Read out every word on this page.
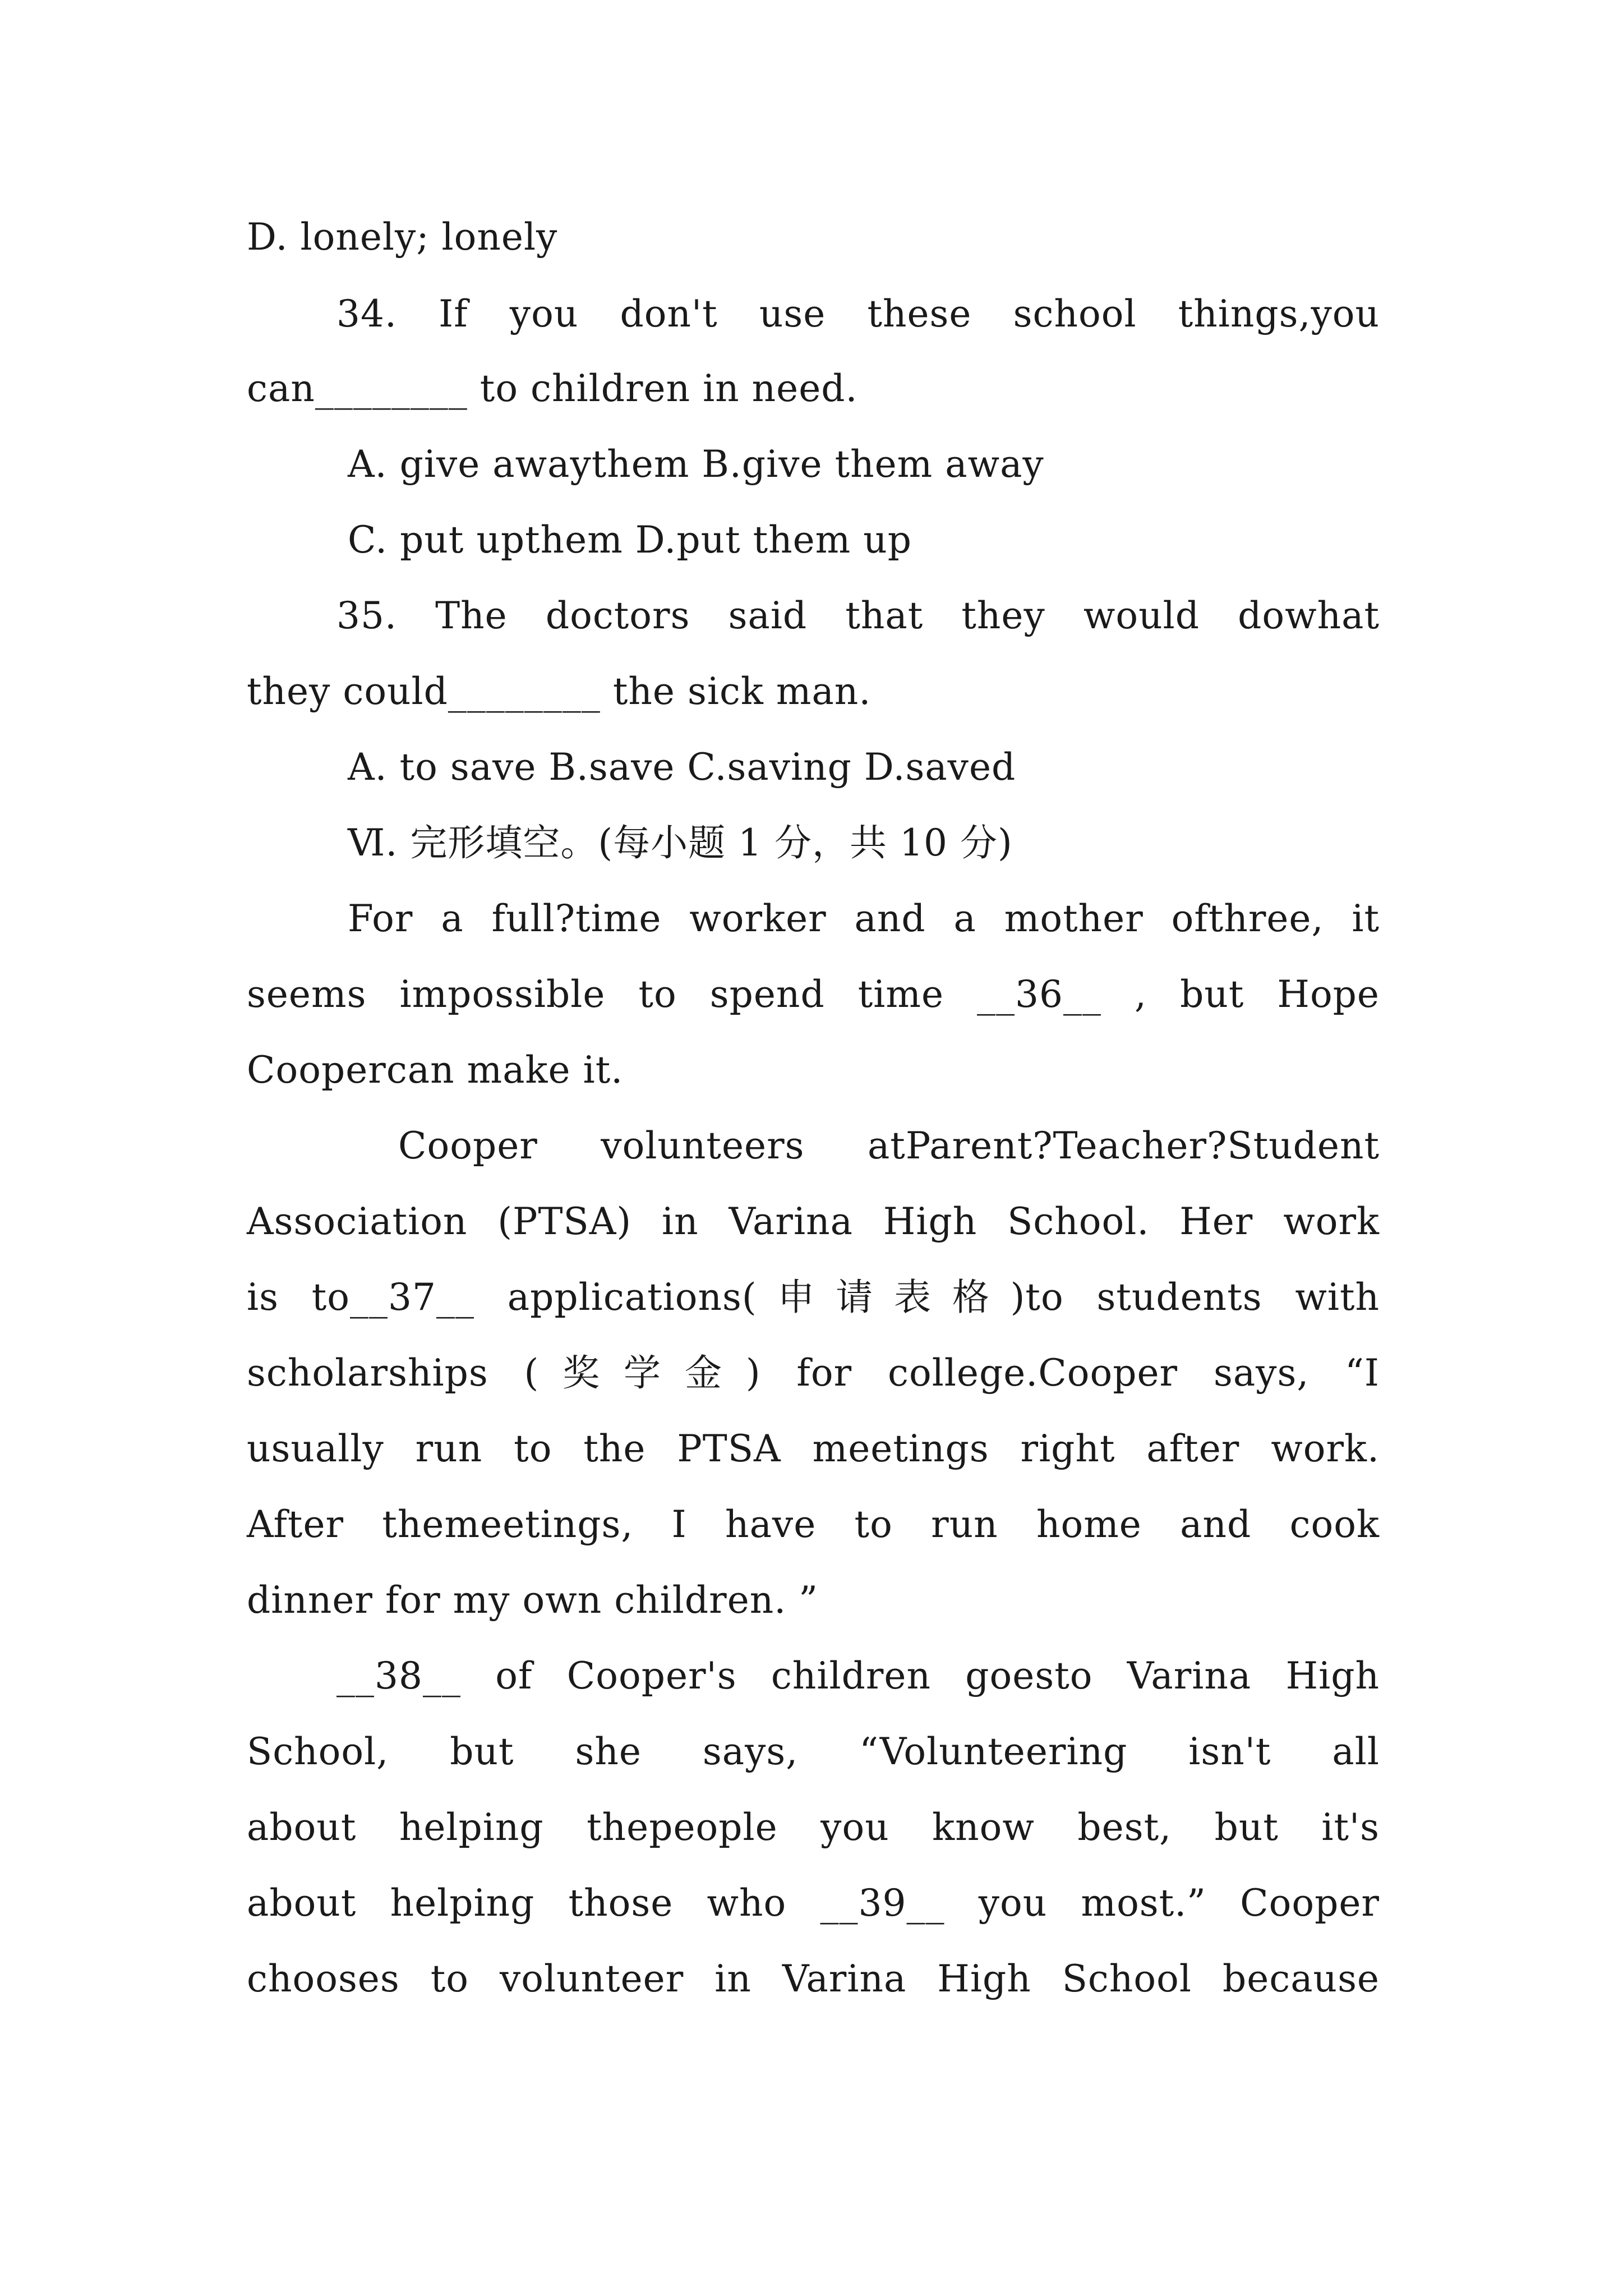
D. lonely; lonely
34. If you don't use these school things,you
can________ to children in need.
A. give awaythem B.give them away
C. put upthem D.put them up
35. The doctors said that they would dowhat
they could________ the sick man.
A. to save B.save C.saving D.saved
Ⅵ. 完形填空。(每小题 1 分，共 10 分)
For a full?time worker and a mother ofthree, it
seems impossible to spend time __36__ , but Hope
Coopercan make it.
Cooper volunteers atParent?Teacher?Student
Association (PTSA) in Varina High School. Her work
is to__37__ applications(申请表格)to students with
scholarships (奖学金) for college.Cooper says, “I
usually run to the PTSA meetings right after work.
After themeetings, I have to run home and cook
dinner for my own children. ”
__38__ of Cooper's children goesto Varina High
School, but she says, “Volunteering isn't all
about helping thepeople you know best, but it's
about helping those who __39__ you most.” Cooper
chooses to volunteer in Varina High School because
